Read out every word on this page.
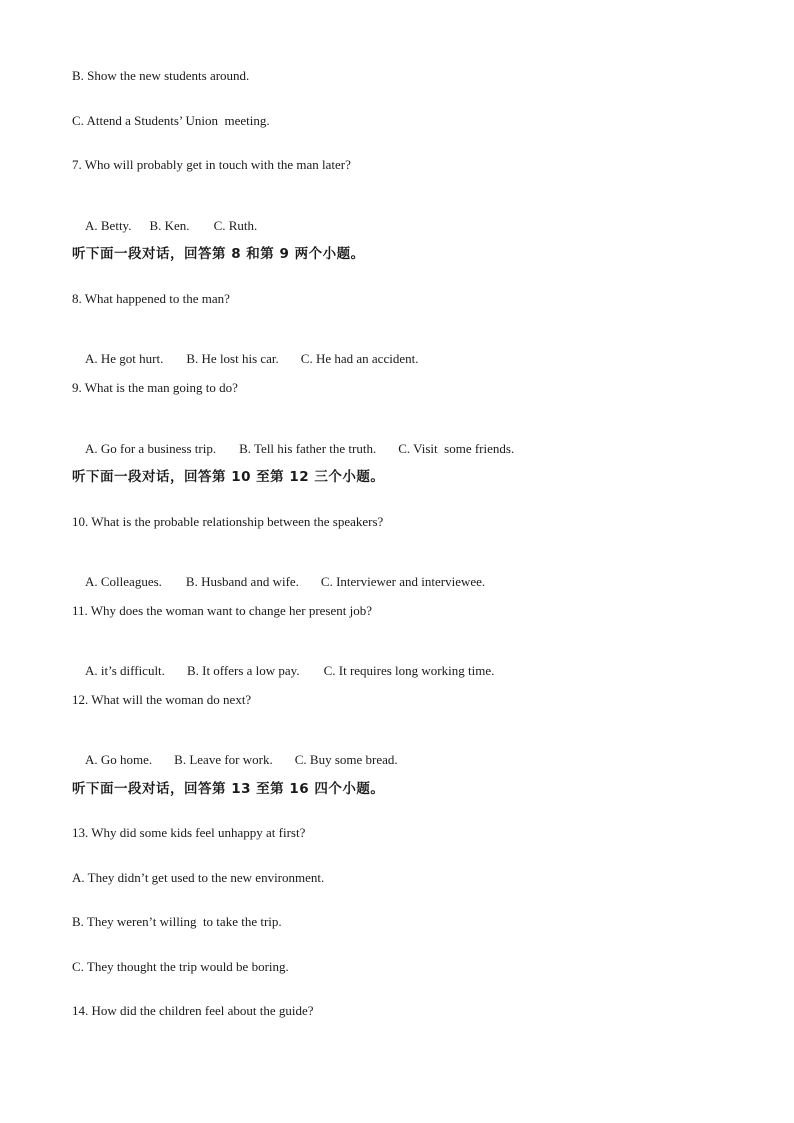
B. Show the new students around.
C. Attend a Students’ Union  meeting.
7. Who will probably get in touch with the man later?

A. Betty. B. Ken. C. Ruth.

听下面一段对话，回答第 8 和第 9 两个小题。
8. What happened to the man?

A. He got hurt. B. He lost his car. C. He had an accident.

9. What is the man going to do?

A. Go for a business trip. B. Tell his father the truth. C. Visit  some friends.

听下面一段对话，回答第 10 至第 12 三个小题。
10. What is the probable relationship between the speakers?

A. Colleagues. B. Husband and wife. C. Interviewer and interviewee.

11. Why does the woman want to change her present job?

A. it’s difficult. B. It offers a low pay. C. It requires long working time.

12. What will the woman do next?

A. Go home. B. Leave for work. C. Buy some bread.

听下面一段对话，回答第 13 至第 16 四个小题。
13. Why did some kids feel unhappy at first?
A. They didn’t get used to the new environment.
B. They weren’t willing  to take the trip.
C. They thought the trip would be boring.
14. How did the children feel about the guide?
